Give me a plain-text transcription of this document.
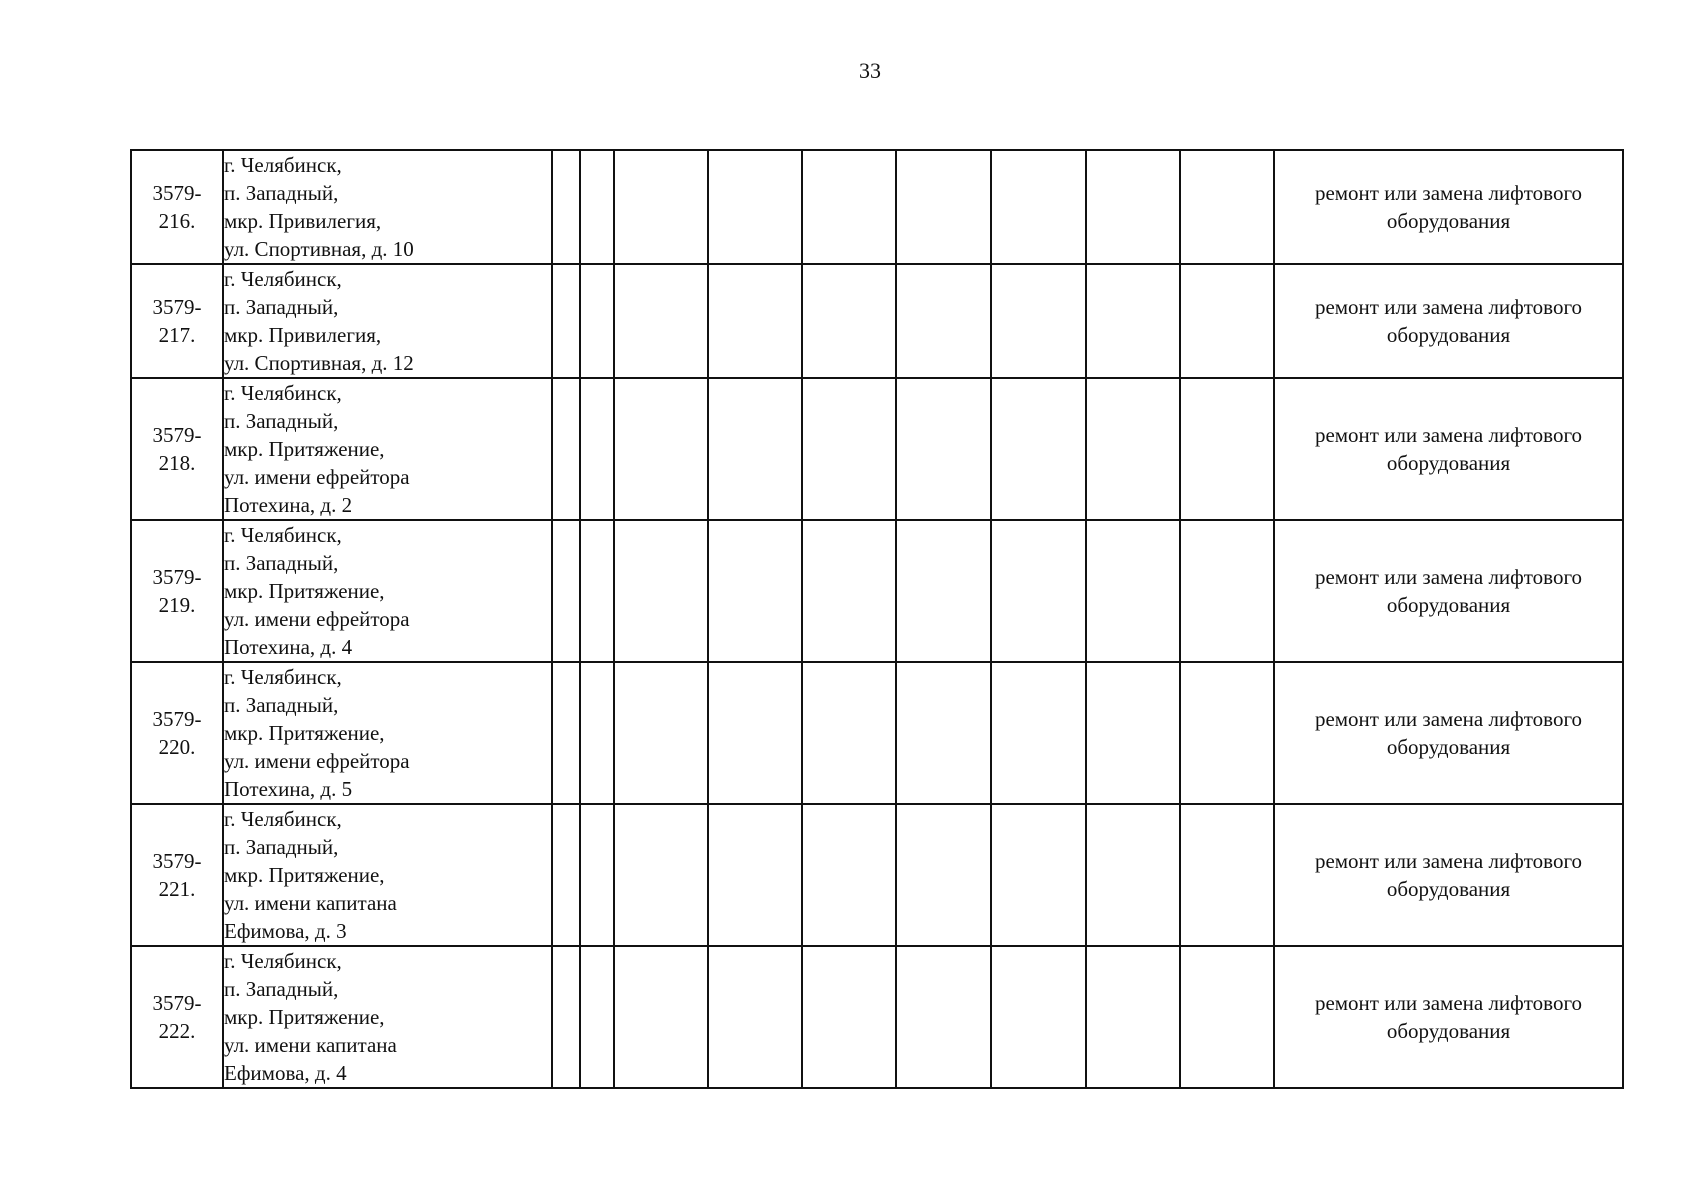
33
3579-
216.	г. Челябинск,
п. Западный,
мкр. Привилегия,
ул. Спортивная, д. 10										ремонт или замена лифтового оборудования

3579-
217.	г. Челябинск,
п. Западный,
мкр. Привилегия,
ул. Спортивная, д. 12										ремонт или замена лифтового оборудования

3579-
218.	г. Челябинск,
п. Западный,
мкр. Притяжение,
ул. имени ефрейтора
Потехина, д. 2										ремонт или замена лифтового оборудования

3579-
219.	г. Челябинск,
п. Западный,
мкр. Притяжение,
ул. имени ефрейтора
Потехина, д. 4										ремонт или замена лифтового оборудования

3579-
220.	г. Челябинск,
п. Западный,
мкр. Притяжение,
ул. имени ефрейтора
Потехина, д. 5										ремонт или замена лифтового оборудования

3579-
221.	г. Челябинск,
п. Западный,
мкр. Притяжение,
ул. имени капитана
Ефимова, д. 3										ремонт или замена лифтового оборудования

3579-
222.	г. Челябинск,
п. Западный,
мкр. Притяжение,
ул. имени капитана
Ефимова, д. 4										ремонт или замена лифтового оборудования
